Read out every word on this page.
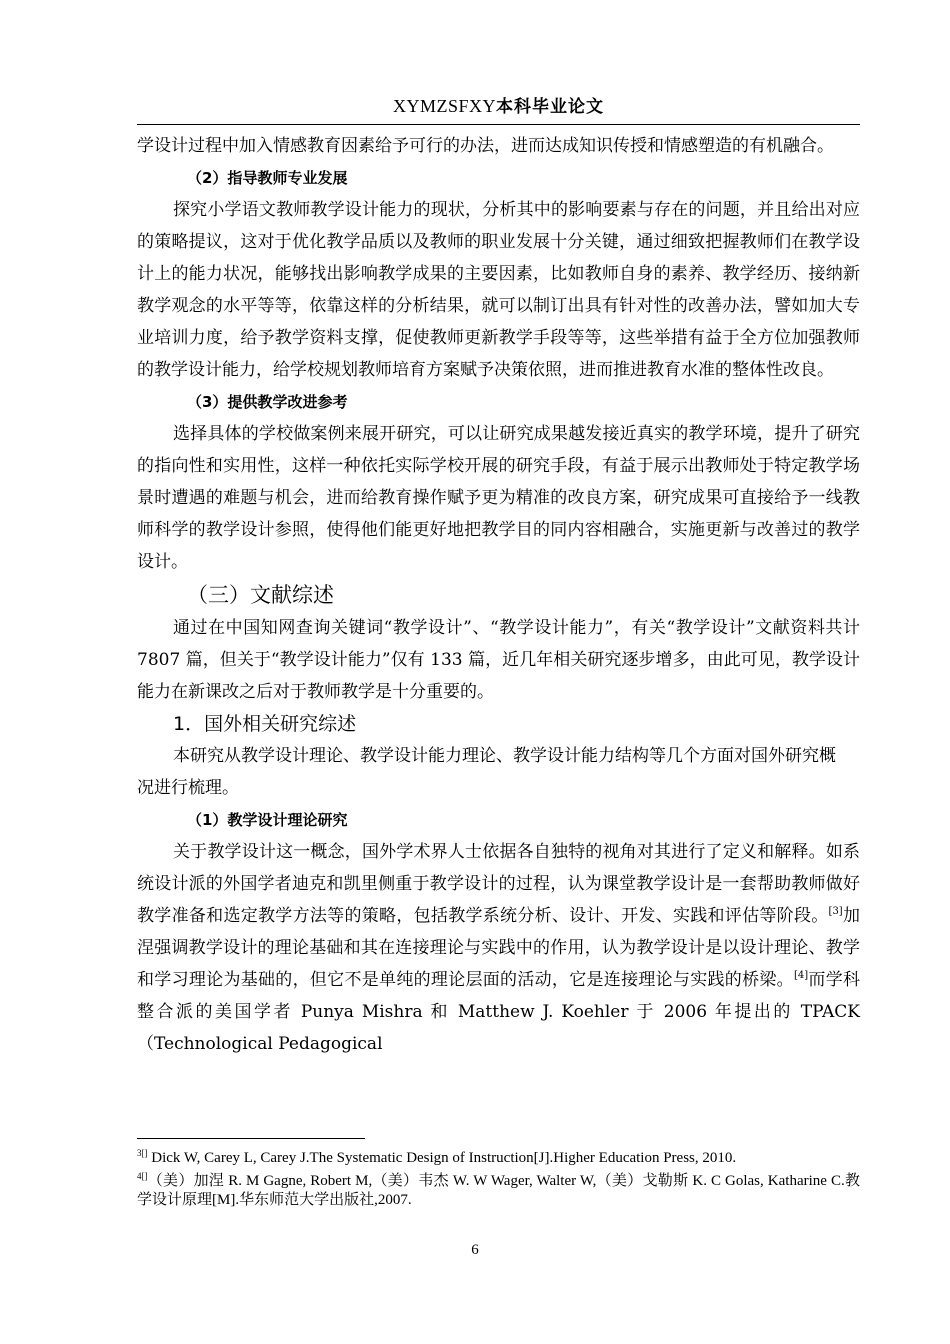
XYMZSFXY本科毕业论文

学设计过程中加入情感教育因素给予可行的办法，进而达成知识传授和情感塑造的有机融合。

（2）指导教师专业发展

探究小学语文教师教学设计能力的现状，分析其中的影响要素与存在的问题，并且给出对应的策略提议，这对于优化教学品质以及教师的职业发展十分关键，通过细致把握教师们在教学设计上的能力状况，能够找出影响教学成果的主要因素，比如教师自身的素养、教学经历、接纳新教学观念的水平等等，依靠这样的分析结果，就可以制订出具有针对性的改善办法，譬如加大专业培训力度，给予教学资料支撑，促使教师更新教学手段等等，这些举措有益于全方位加强教师的教学设计能力，给学校规划教师培育方案赋予决策依照，进而推进教育水准的整体性改良。

（3）提供教学改进参考

选择具体的学校做案例来展开研究，可以让研究成果越发接近真实的教学环境，提升了研究的指向性和实用性，这样一种依托实际学校开展的研究手段，有益于展示出教师处于特定教学场景时遭遇的难题与机会，进而给教育操作赋予更为精准的改良方案，研究成果可直接给予一线教师科学的教学设计参照，使得他们能更好地把教学目的同内容相融合，实施更新与改善过的教学设计。

（三）文献综述

通过在中国知网查询关键词“教学设计”、“教学设计能力”，有关“教学设计”文献资料共计 7807 篇，但关于“教学设计能力”仅有 133 篇，近几年相关研究逐步增多，由此可见，教学设计能力在新课改之后对于教师教学是十分重要的。

1．国外相关研究综述

本研究从教学设计理论、教学设计能力理论、教学设计能力结构等几个方面对国外研究概况进行梳理。

（1）教学设计理论研究

关于教学设计这一概念，国外学术界人士依据各自独特的视角对其进行了定义和解释。如系统设计派的外国学者迪克和凯里侧重于教学设计的过程，认为课堂教学设计是一套帮助教师做好教学准备和选定教学方法等的策略，包括教学系统分析、设计、开发、实践和评估等阶段。[3]加涅强调教学设计的理论基础和其在连接理论与实践中的作用，认为教学设计是以设计理论、教学和学习理论为基础的，但它不是单纯的理论层面的活动，它是连接理论与实践的桥梁。[4]而学科整合派的美国学者 Punya Mishra 和 Matthew J. Koehler 于 2006 年提出的 TPACK（Technological Pedagogical

$^{3[]}$ Dick W, Carey L, Carey J.The Systematic Design of Instruction[J].Higher Education Press, 2010.

$^{4[]}$（美）加涅 R. M Gagne, Robert M,（美）韦杰 W. W Wager, Walter W,（美）戈勒斯 K. C Golas, Katharine C.教学设计原理[M].华东师范大学出版社,2007.

6
